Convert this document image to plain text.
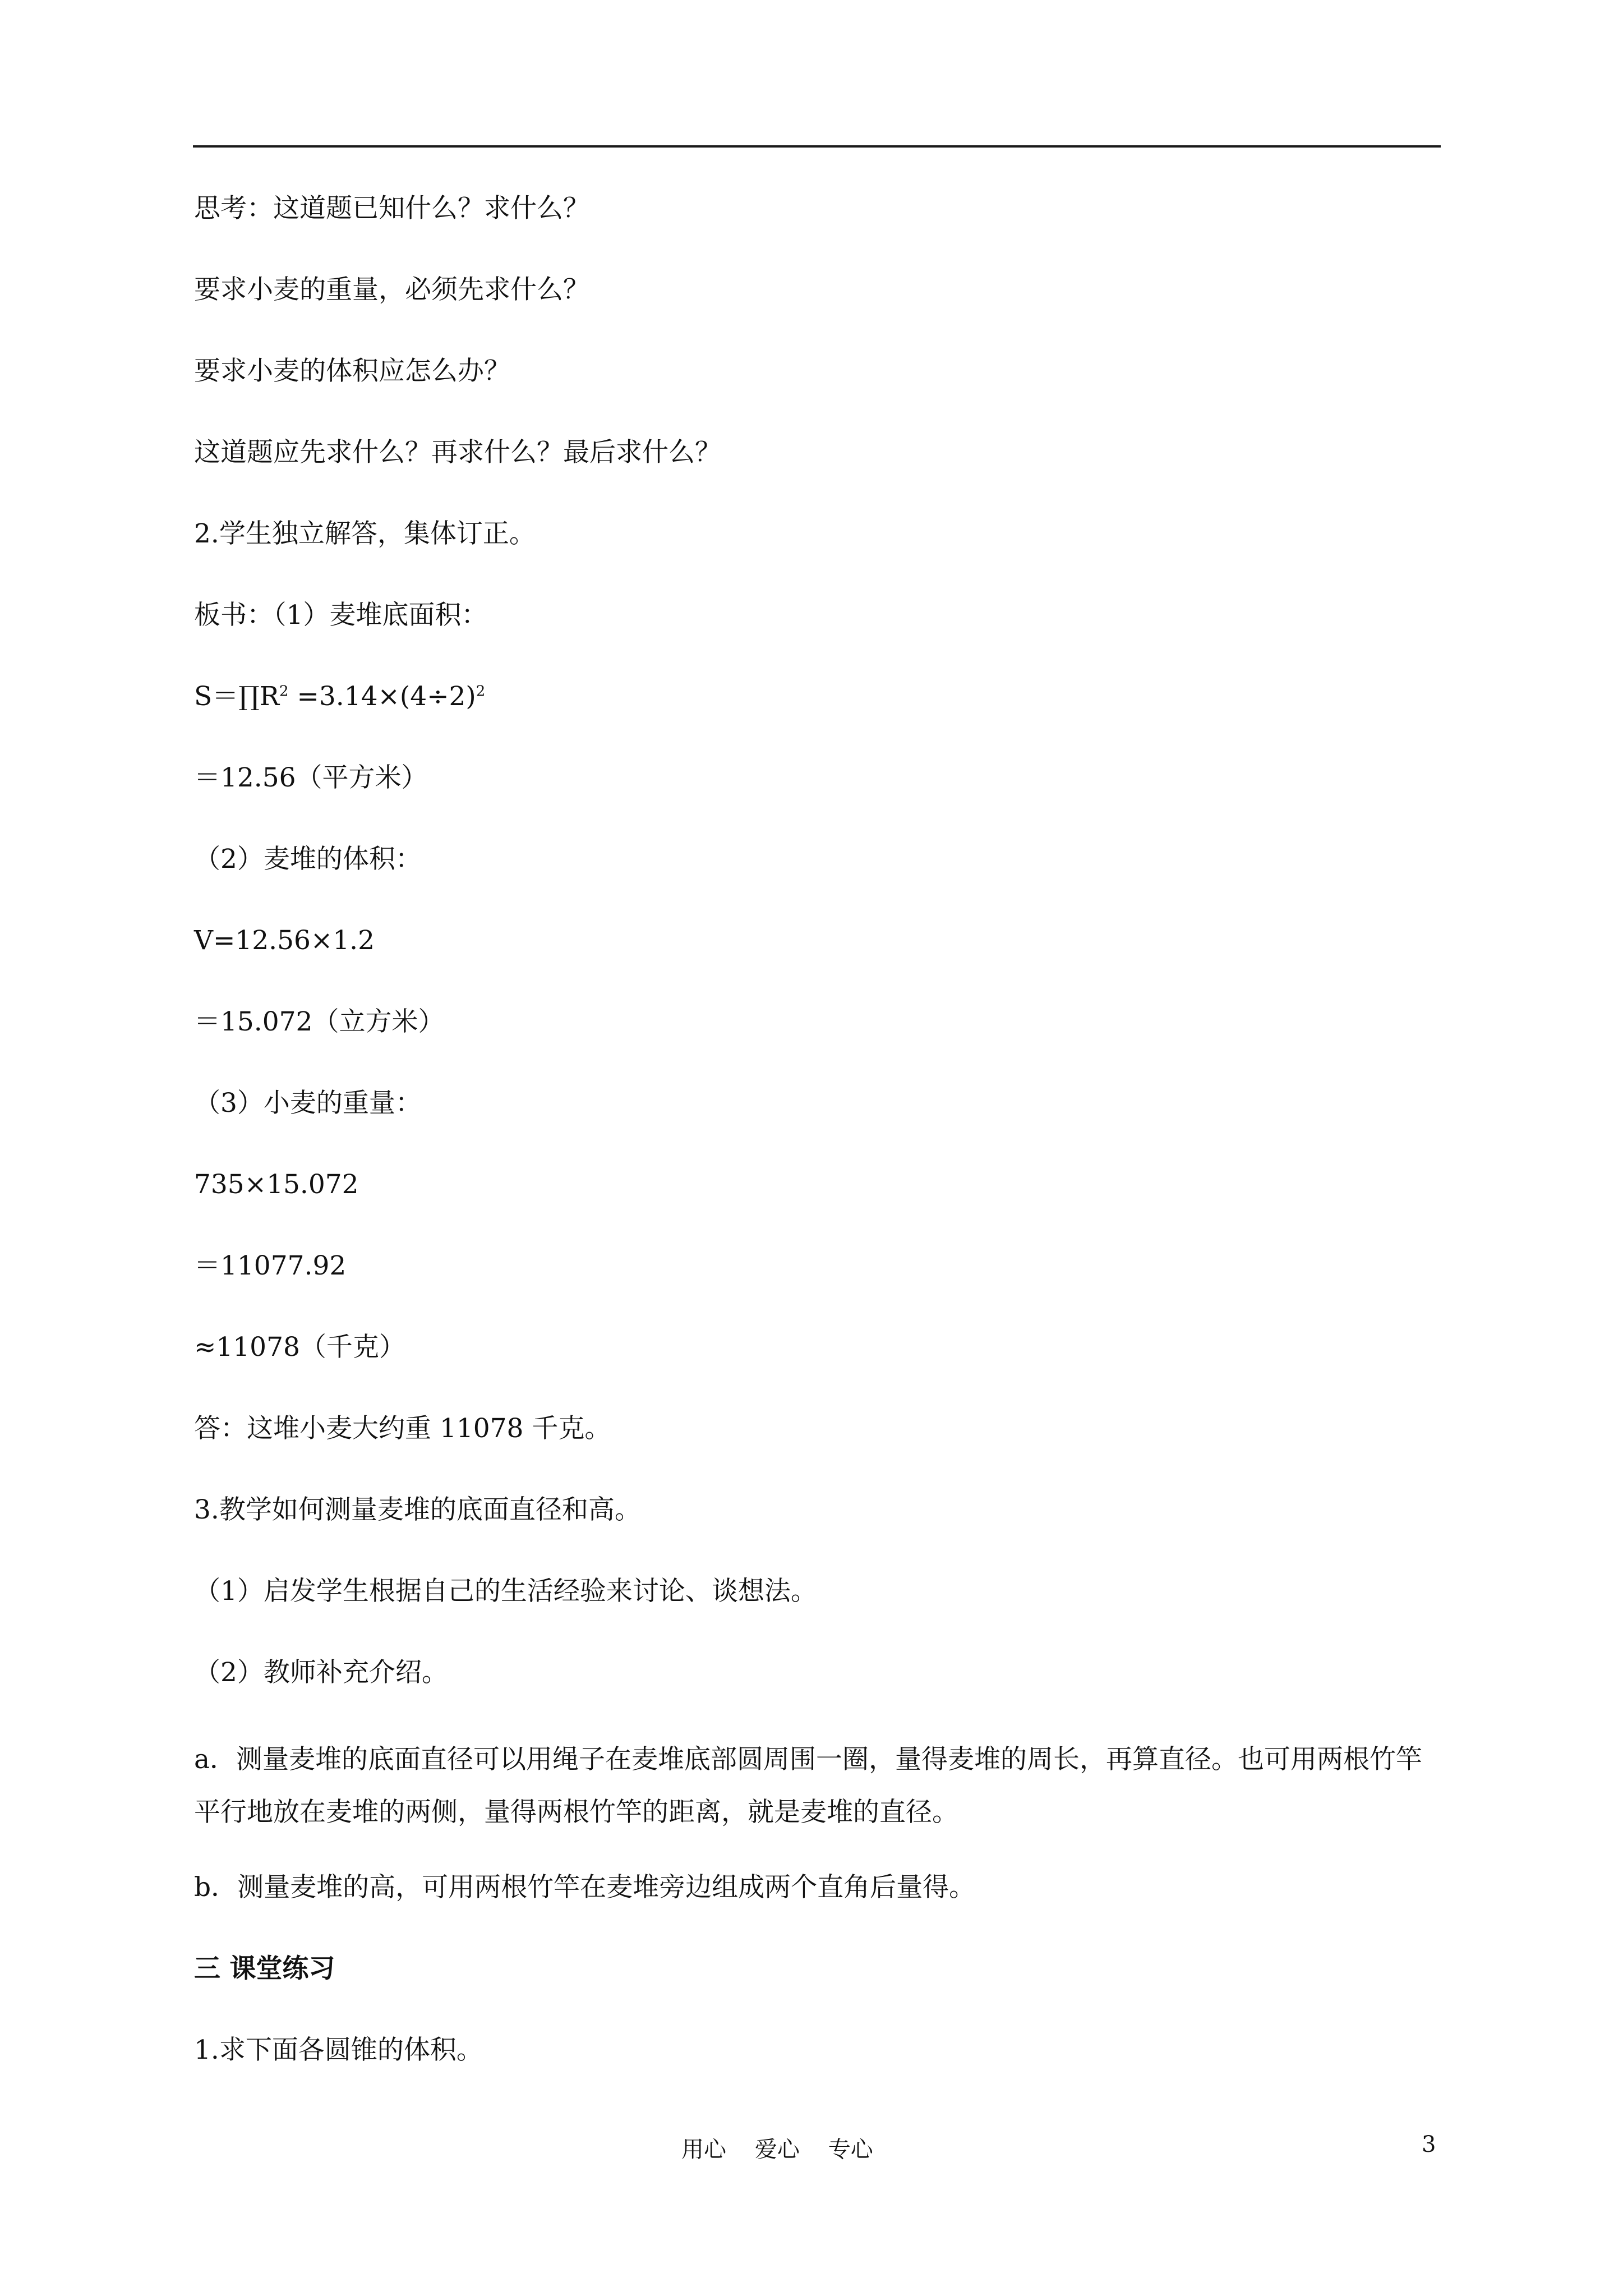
思考：这道题已知什么？求什么？
要求小麦的重量，必须先求什么？
要求小麦的体积应怎么办？
这道题应先求什么？再求什么？最后求什么？
2.学生独立解答，集体订正。
板书：（1）麦堆底面积：
$S=\prod R^2 =3.14\times(4\div 2)^2$
＝12.56（平方米）
（2）麦堆的体积：
V=12.56×1.2
＝15.072（立方米）
（3）小麦的重量：
735×15.072
＝11077.92
≈11078（千克）
答：这堆小麦大约重 11078 千克。
3.教学如何测量麦堆的底面直径和高。
（1）启发学生根据自己的生活经验来讨论、谈想法。
（2）教师补充介绍。
a．测量麦堆的底面直径可以用绳子在麦堆底部圆周围一圈，量得麦堆的周长，再算直径。也可用两根竹竿平行地放在麦堆的两侧，量得两根竹竿的距离，就是麦堆的直径。
b．测量麦堆的高，可用两根竹竿在麦堆旁边组成两个直角后量得。
三 课堂练习
1.求下面各圆锥的体积。
用心    爱心    专心	3
